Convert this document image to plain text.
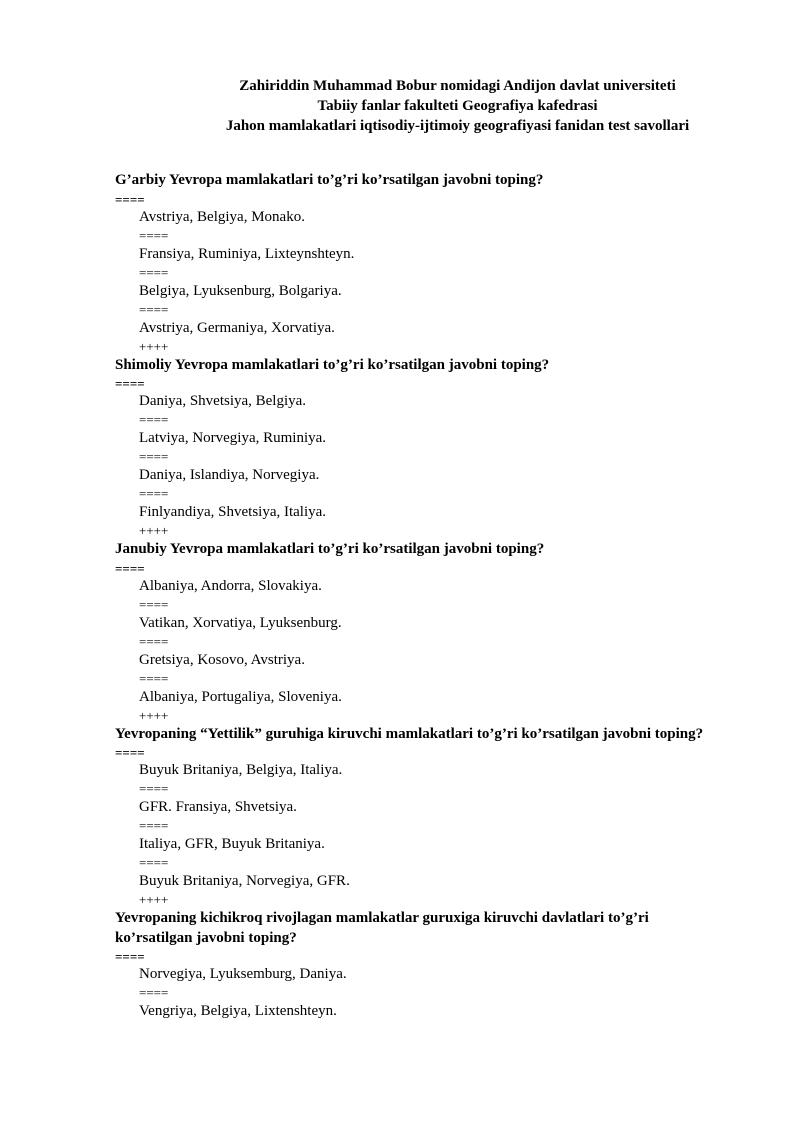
Zahiriddin Muhammad Bobur nomidagi Andijon davlat universiteti
Tabiiy fanlar fakulteti Geografiya kafedrasi
Jahon mamlakatlari iqtisodiy-ijtimoiy geografiyasi fanidan test savollari
G’arbiy Yevropa mamlakatlari to’g’ri ko’rsatilgan javobni toping?
====
Avstriya, Belgiya, Monako.
====
Fransiya, Ruminiya, Lixteynshteyn.
====
Belgiya, Lyuksenburg, Bolgariya.
====
Avstriya, Germaniya, Xorvatiya.
++++
Shimoliy Yevropa mamlakatlari to’g’ri ko’rsatilgan javobni toping?
====
Daniya, Shvetsiya, Belgiya.
====
Latviya, Norvegiya, Ruminiya.
====
Daniya, Islandiya, Norvegiya.
====
Finlyandiya, Shvetsiya, Italiya.
++++
Janubiy Yevropa mamlakatlari to’g’ri ko’rsatilgan javobni toping?
====
Albaniya, Andorra, Slovakiya.
====
Vatikan, Xorvatiya, Lyuksenburg.
====
Gretsiya, Kosovo, Avstriya.
====
Albaniya, Portugaliya, Sloveniya.
++++
Yevropaning “Yettilik” guruhiga kiruvchi mamlakatlari to’g’ri ko’rsatilgan javobni toping?
====
Buyuk Britaniya, Belgiya, Italiya.
====
GFR. Fransiya, Shvetsiya.
====
Italiya, GFR, Buyuk Britaniya.
====
Buyuk Britaniya, Norvegiya, GFR.
++++
Yevropaning kichikroq rivojlagan mamlakatlar guruxiga kiruvchi davlatlari to’g’ri ko’rsatilgan javobni toping?
====
Norvegiya, Lyuksemburg, Daniya.
====
Vengriya, Belgiya, Lixtenshteyn.
